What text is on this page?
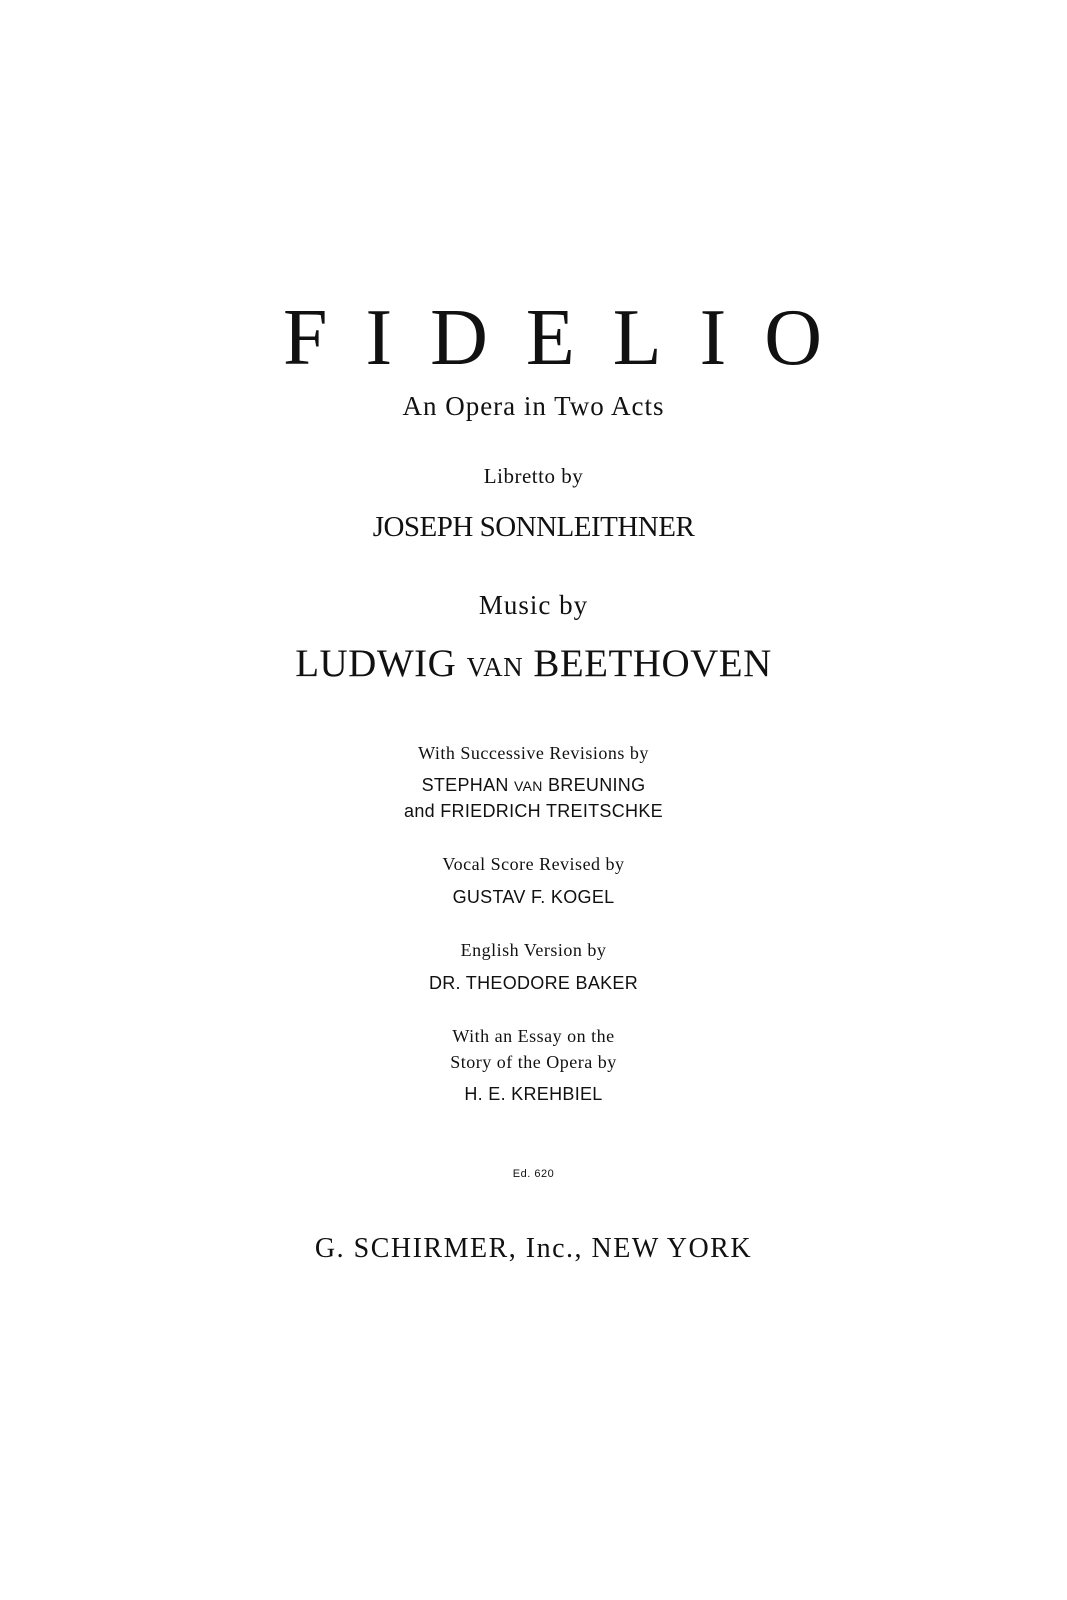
FIDELIO
An Opera in Two Acts
Libretto by
JOSEPH SONNLEITHNER
Music by
LUDWIG VAN BEETHOVEN
With Successive Revisions by
STEPHAN VAN BREUNING
and FRIEDRICH TREITSCHKE
Vocal Score Revised by
GUSTAV F. KOGEL
English Version by
DR. THEODORE BAKER
With an Essay on the
Story of the Opera by
H. E. KREHBIEL
Ed. 620
G. SCHIRMER, Inc., NEW YORK
